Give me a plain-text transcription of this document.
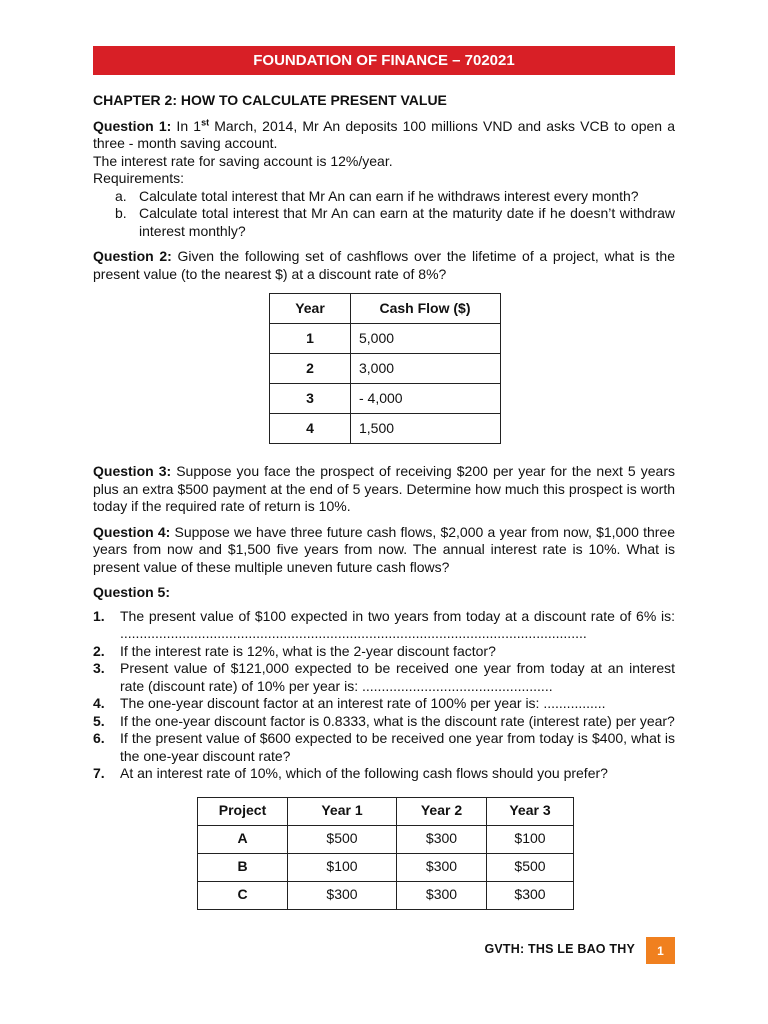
FOUNDATION OF FINANCE – 702021
CHAPTER 2: HOW TO CALCULATE PRESENT VALUE

Question 1: In 1st March, 2014, Mr An deposits 100 millions VND and asks VCB to open a three - month saving account.

The interest rate for saving account is 12%/year.

Requirements:

a. Calculate total interest that Mr An can earn if he withdraws interest every month?
b. Calculate total interest that Mr An can earn at the maturity date if he doesn’t withdraw interest monthly?

Question 2: Given the following set of cashflows over the lifetime of a project, what is the present value (to the nearest $) at a discount rate of 8%?

Year	Cash Flow ($)
1	5,000
2	3,000
3	- 4,000
4	1,500

Question 3: Suppose you face the prospect of receiving $200 per year for the next 5 years plus an extra $500 payment at the end of 5 years. Determine how much this prospect is worth today if the required rate of return is 10%.

Question 4: Suppose we have three future cash flows, $2,000 a year from now, $1,000 three years from now and $1,500 five years from now. The annual interest rate is 10%. What is present value of these multiple uneven future cash flows?

Question 5:

1. The present value of $100 expected in two years from today at a discount rate of 6% is: ........................................................................................................................
2. If the interest rate is 12%, what is the 2-year discount factor?
3. Present value of $121,000 expected to be received one year from today at an interest rate (discount rate) of 10% per year is: .................................................
4. The one-year discount factor at an interest rate of 100% per year is: ................
5. If the one-year discount factor is 0.8333, what is the discount rate (interest rate) per year?
6. If the present value of $600 expected to be received one year from today is $400, what is the one-year discount rate?
7. At an interest rate of 10%, which of the following cash flows should you prefer?
Project	Year 1	Year 2	Year 3
A	$500	$300	$100
B	$100	$300	$500
C	$300	$300	$300
GVTH: THS LE BAO THY	1
